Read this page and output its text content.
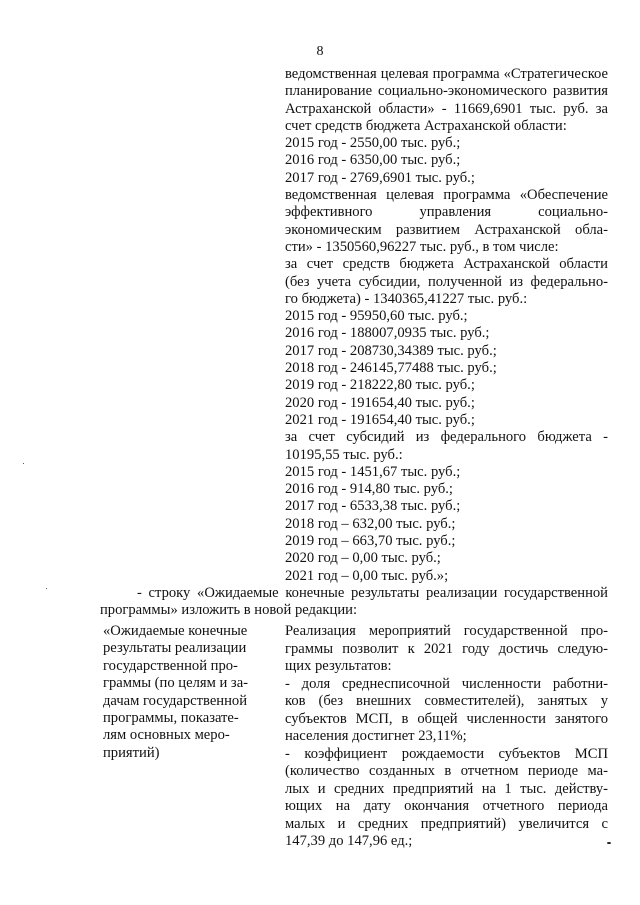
8
ведомственная целевая программа «Стратегическое
планирование социально-экономического развития
Астраханской области» - 11669,6901 тыс. руб. за
счет средств бюджета Астраханской области:
2015 год - 2550,00 тыс. руб.;
2016 год - 6350,00 тыс. руб.;
2017 год - 2769,6901 тыс. руб.;
ведомственная целевая программа «Обеспечение
эффективного управления социально-
экономическим развитием Астраханской обла-
сти» - 1350560,96227 тыс. руб., в том числе:
за счет средств бюджета Астраханской области
(без учета субсидии, полученной из федерально-
го бюджета) - 1340365,41227 тыс. руб.:
2015 год - 95950,60 тыс. руб.;
2016 год - 188007,0935 тыс. руб.;
2017 год - 208730,34389 тыс. руб.;
2018 год - 246145,77488 тыс. руб.;
2019 год - 218222,80 тыс. руб.;
2020 год - 191654,40 тыс. руб.;
2021 год - 191654,40 тыс. руб.;
за счет субсидий из федерального бюджета -
10195,55 тыс. руб.:
2015 год - 1451,67 тыс. руб.;
2016 год - 914,80 тыс. руб.;
2017 год - 6533,38 тыс. руб.;
2018 год – 632,00 тыс. руб.;
2019 год – 663,70 тыс. руб.;
2020 год – 0,00 тыс. руб.;
2021 год – 0,00 тыс. руб.»;
- строку «Ожидаемые конечные результаты реализации государственной
программы» изложить в новой редакции:
«Ожидаемые конечные
результаты реализации
государственной про-
граммы (по целям и за-
дачам государственной
программы, показате-
лям основных меро-
приятий)
Реализация мероприятий государственной про-
граммы позволит к 2021 году достичь следую-
щих результатов:
- доля среднесписочной численности работни-
ков (без внешних совместителей), занятых у
субъектов МСП, в общей численности занятого
населения достигнет 23,11%;
- коэффициент рождаемости субъектов МСП
(количество созданных в отчетном периоде ма-
лых и средних предприятий на 1 тыс. действу-
ющих на дату окончания отчетного периода
малых и средних предприятий) увеличится с
147,39 до 147,96 ед.;
